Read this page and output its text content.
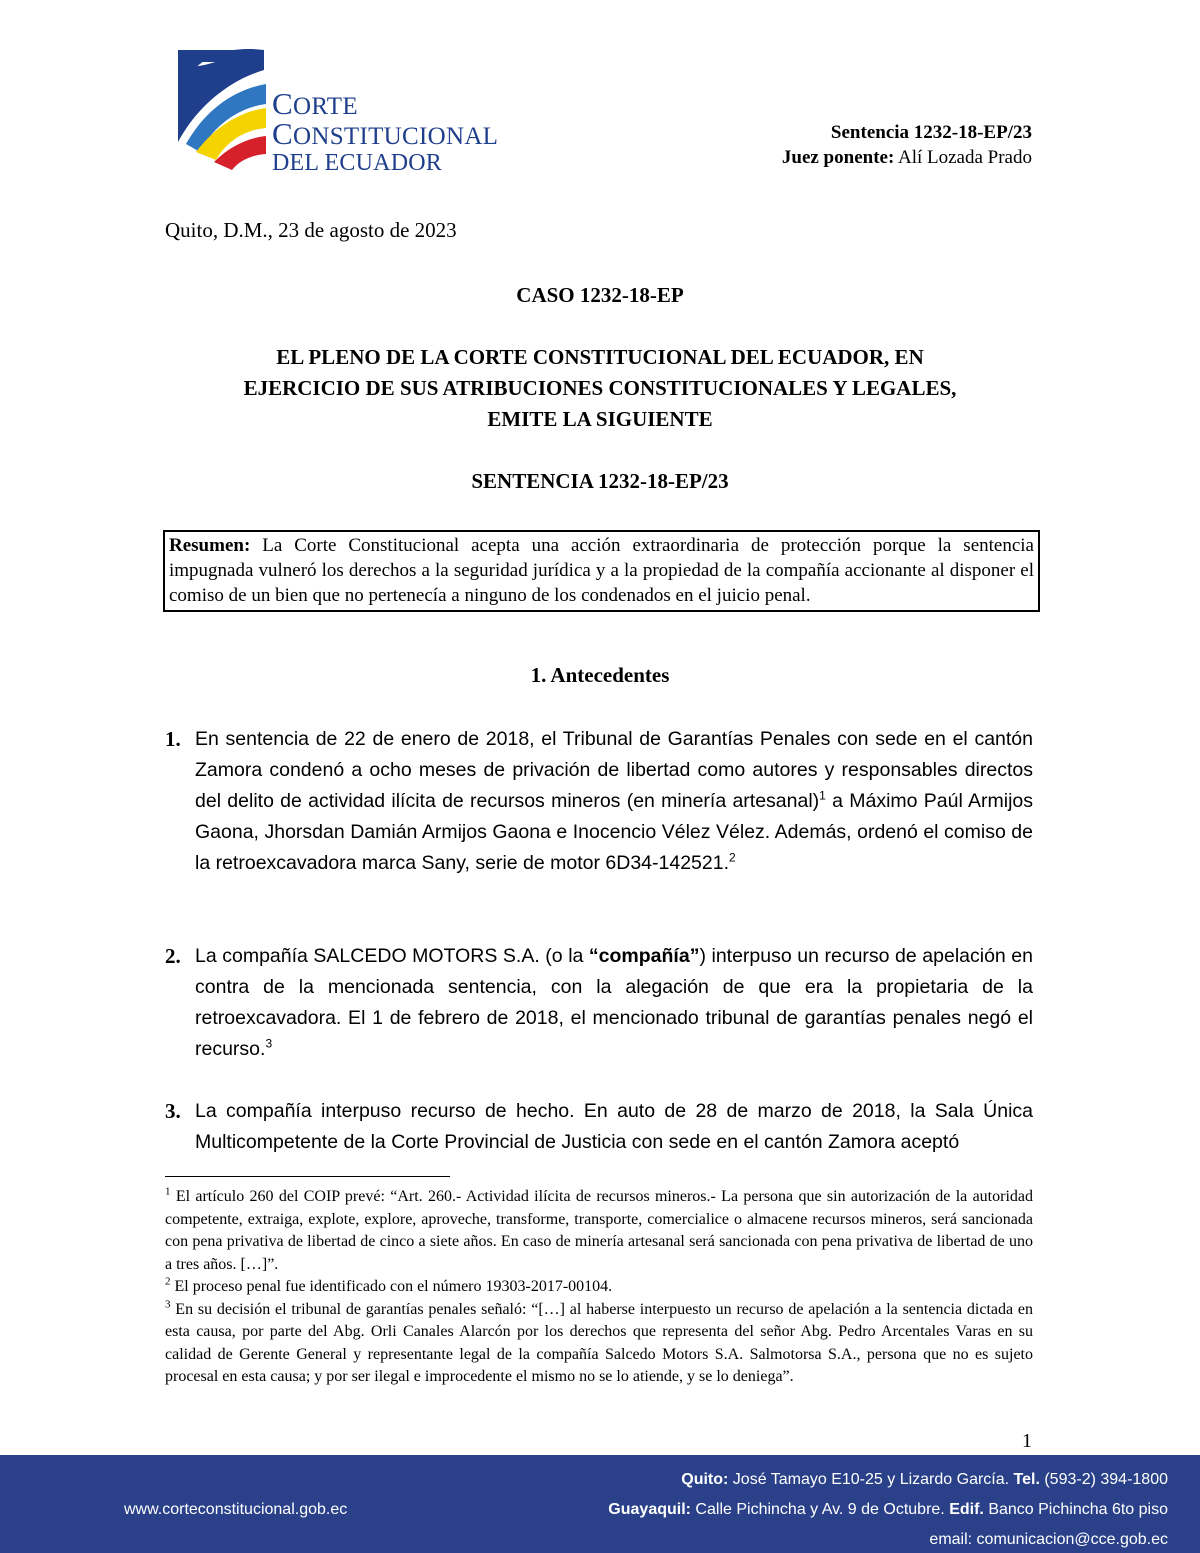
CORTE
CONSTITUCIONAL
DEL ECUADOR
Sentencia 1232-18-EP/23
Juez ponente: Alí Lozada Prado
Quito, D.M., 23 de agosto de 2023
CASO 1232-18-EP
EL PLENO DE LA CORTE CONSTITUCIONAL DEL ECUADOR, EN
EJERCICIO DE SUS ATRIBUCIONES CONSTITUCIONALES Y LEGALES,
EMITE LA SIGUIENTE
SENTENCIA 1232-18-EP/23
Resumen: La Corte Constitucional acepta una acción extraordinaria de protección porque la sentencia impugnada vulneró los derechos a la seguridad jurídica y a la propiedad de la compañía accionante al disponer el comiso de un bien que no pertenecía a ninguno de los condenados en el juicio penal.
1. Antecedentes
1. En sentencia de 22 de enero de 2018, el Tribunal de Garantías Penales con sede en el cantón Zamora condenó a ocho meses de privación de libertad como autores y responsables directos del delito de actividad ilícita de recursos mineros (en minería artesanal)$^1$ a Máximo Paúl Armijos Gaona, Jhorsdan Damián Armijos Gaona e Inocencio Vélez Vélez. Además, ordenó el comiso de la retroexcavadora marca Sany, serie de motor 6D34-142521.$^2$
2. La compañía SALCEDO MOTORS S.A. (o la “compañía”) interpuso un recurso de apelación en contra de la mencionada sentencia, con la alegación de que era la propietaria de la retroexcavadora. El 1 de febrero de 2018, el mencionado tribunal de garantías penales negó el recurso.$^3$
3. La compañía interpuso recurso de hecho. En auto de 28 de marzo de 2018, la Sala Única Multicompetente de la Corte Provincial de Justicia con sede en el cantón Zamora aceptó

$^1$ El artículo 260 del COIP prevé: “Art. 260.- Actividad ilícita de recursos mineros.- La persona que sin autorización de la autoridad competente, extraiga, explote, explore, aproveche, transforme, transporte, comercialice o almacene recursos mineros, será sancionada con pena privativa de libertad de cinco a siete años. En caso de minería artesanal será sancionada con pena privativa de libertad de uno a tres años. […]”.

$^2$ El proceso penal fue identificado con el número 19303-2017-00104.

$^3$ En su decisión el tribunal de garantías penales señaló: “[…] al haberse interpuesto un recurso de apelación a la sentencia dictada en esta causa, por parte del Abg. Orli Canales Alarcón por los derechos que representa del señor Abg. Pedro Arcentales Varas en su calidad de Gerente General y representante legal de la compañía Salcedo Motors S.A. Salmotorsa S.A., persona que no es sujeto procesal en esta causa; y por ser ilegal e improcedente el mismo no se lo atiende, y se lo deniega”.

1
www.corteconstitucional.gob.ec
Quito: José Tamayo E10-25 y Lizardo García. Tel. (593-2) 394-1800
Guayaquil: Calle Pichincha y Av. 9 de Octubre. Edif. Banco Pichincha 6to piso
email: comunicacion@cce.gob.ec
